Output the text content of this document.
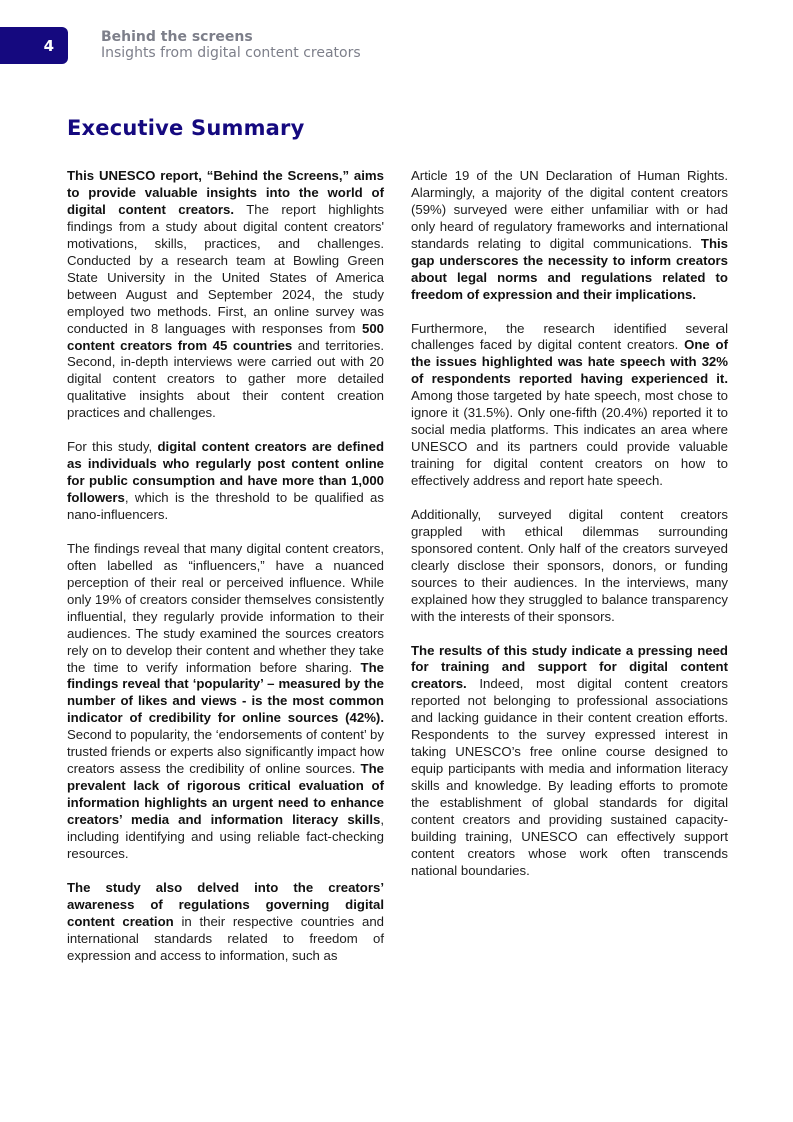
4	Behind the screens
Insights from digital content creators
Executive Summary

This UNESCO report, “Behind the Screens,” aims to provide valuable insights into the world of digital content creators. The report highlights findings from a study about digital content creators' motivations, skills, practices, and challenges. Conducted by a research team at Bowling Green State University in the United States of America between August and September 2024, the study employed two methods. First, an online survey was conducted in 8 languages with responses from 500 content creators from 45 countries and territories. Second, in-depth interviews were carried out with 20 digital content creators to gather more detailed qualitative insights about their content creation practices and challenges.

For this study, digital content creators are defined as individuals who regularly post content online for public consumption and have more than 1,000 followers, which is the threshold to be qualified as nano-influencers.

The findings reveal that many digital content creators, often labelled as “influencers,” have a nuanced perception of their real or perceived influence. While only 19% of creators consider themselves consistently influential, they regularly provide information to their audiences. The study examined the sources creators rely on to develop their content and whether they take the time to verify information before sharing. The findings reveal that ‘popularity’ – measured by the number of likes and views - is the most common indicator of credibility for online sources (42%). Second to popularity, the ‘endorsements of content’ by trusted friends or experts also significantly impact how creators assess the credibility of online sources. The prevalent lack of rigorous critical evaluation of information highlights an urgent need to enhance creators’ media and information literacy skills, including identifying and using reliable fact-checking resources.

The study also delved into the creators’ awareness of regulations governing digital content creation in their respective countries and international standards related to freedom of expression and access to information, such as

Article 19 of the UN Declaration of Human Rights. Alarmingly, a majority of the digital content creators (59%) surveyed were either unfamiliar with or had only heard of regulatory frameworks and international standards relating to digital communications. This gap underscores the necessity to inform creators about legal norms and regulations related to freedom of expression and their implications.

Furthermore, the research identified several challenges faced by digital content creators. One of the issues highlighted was hate speech with 32% of respondents reported having experienced it. Among those targeted by hate speech, most chose to ignore it (31.5%). Only one-fifth (20.4%) reported it to social media platforms. This indicates an area where UNESCO and its partners could provide valuable training for digital content creators on how to effectively address and report hate speech.

Additionally, surveyed digital content creators grappled with ethical dilemmas surrounding sponsored content. Only half of the creators surveyed clearly disclose their sponsors, donors, or funding sources to their audiences. In the interviews, many explained how they struggled to balance transparency with the interests of their sponsors.

The results of this study indicate a pressing need for training and support for digital content creators. Indeed, most digital content creators reported not belonging to professional associations and lacking guidance in their content creation efforts. Respondents to the survey expressed interest in taking UNESCO’s free online course designed to equip participants with media and information literacy skills and knowledge. By leading efforts to promote the establishment of global standards for digital content creators and providing sustained capacity-building training, UNESCO can effectively support content creators whose work often transcends national boundaries.
